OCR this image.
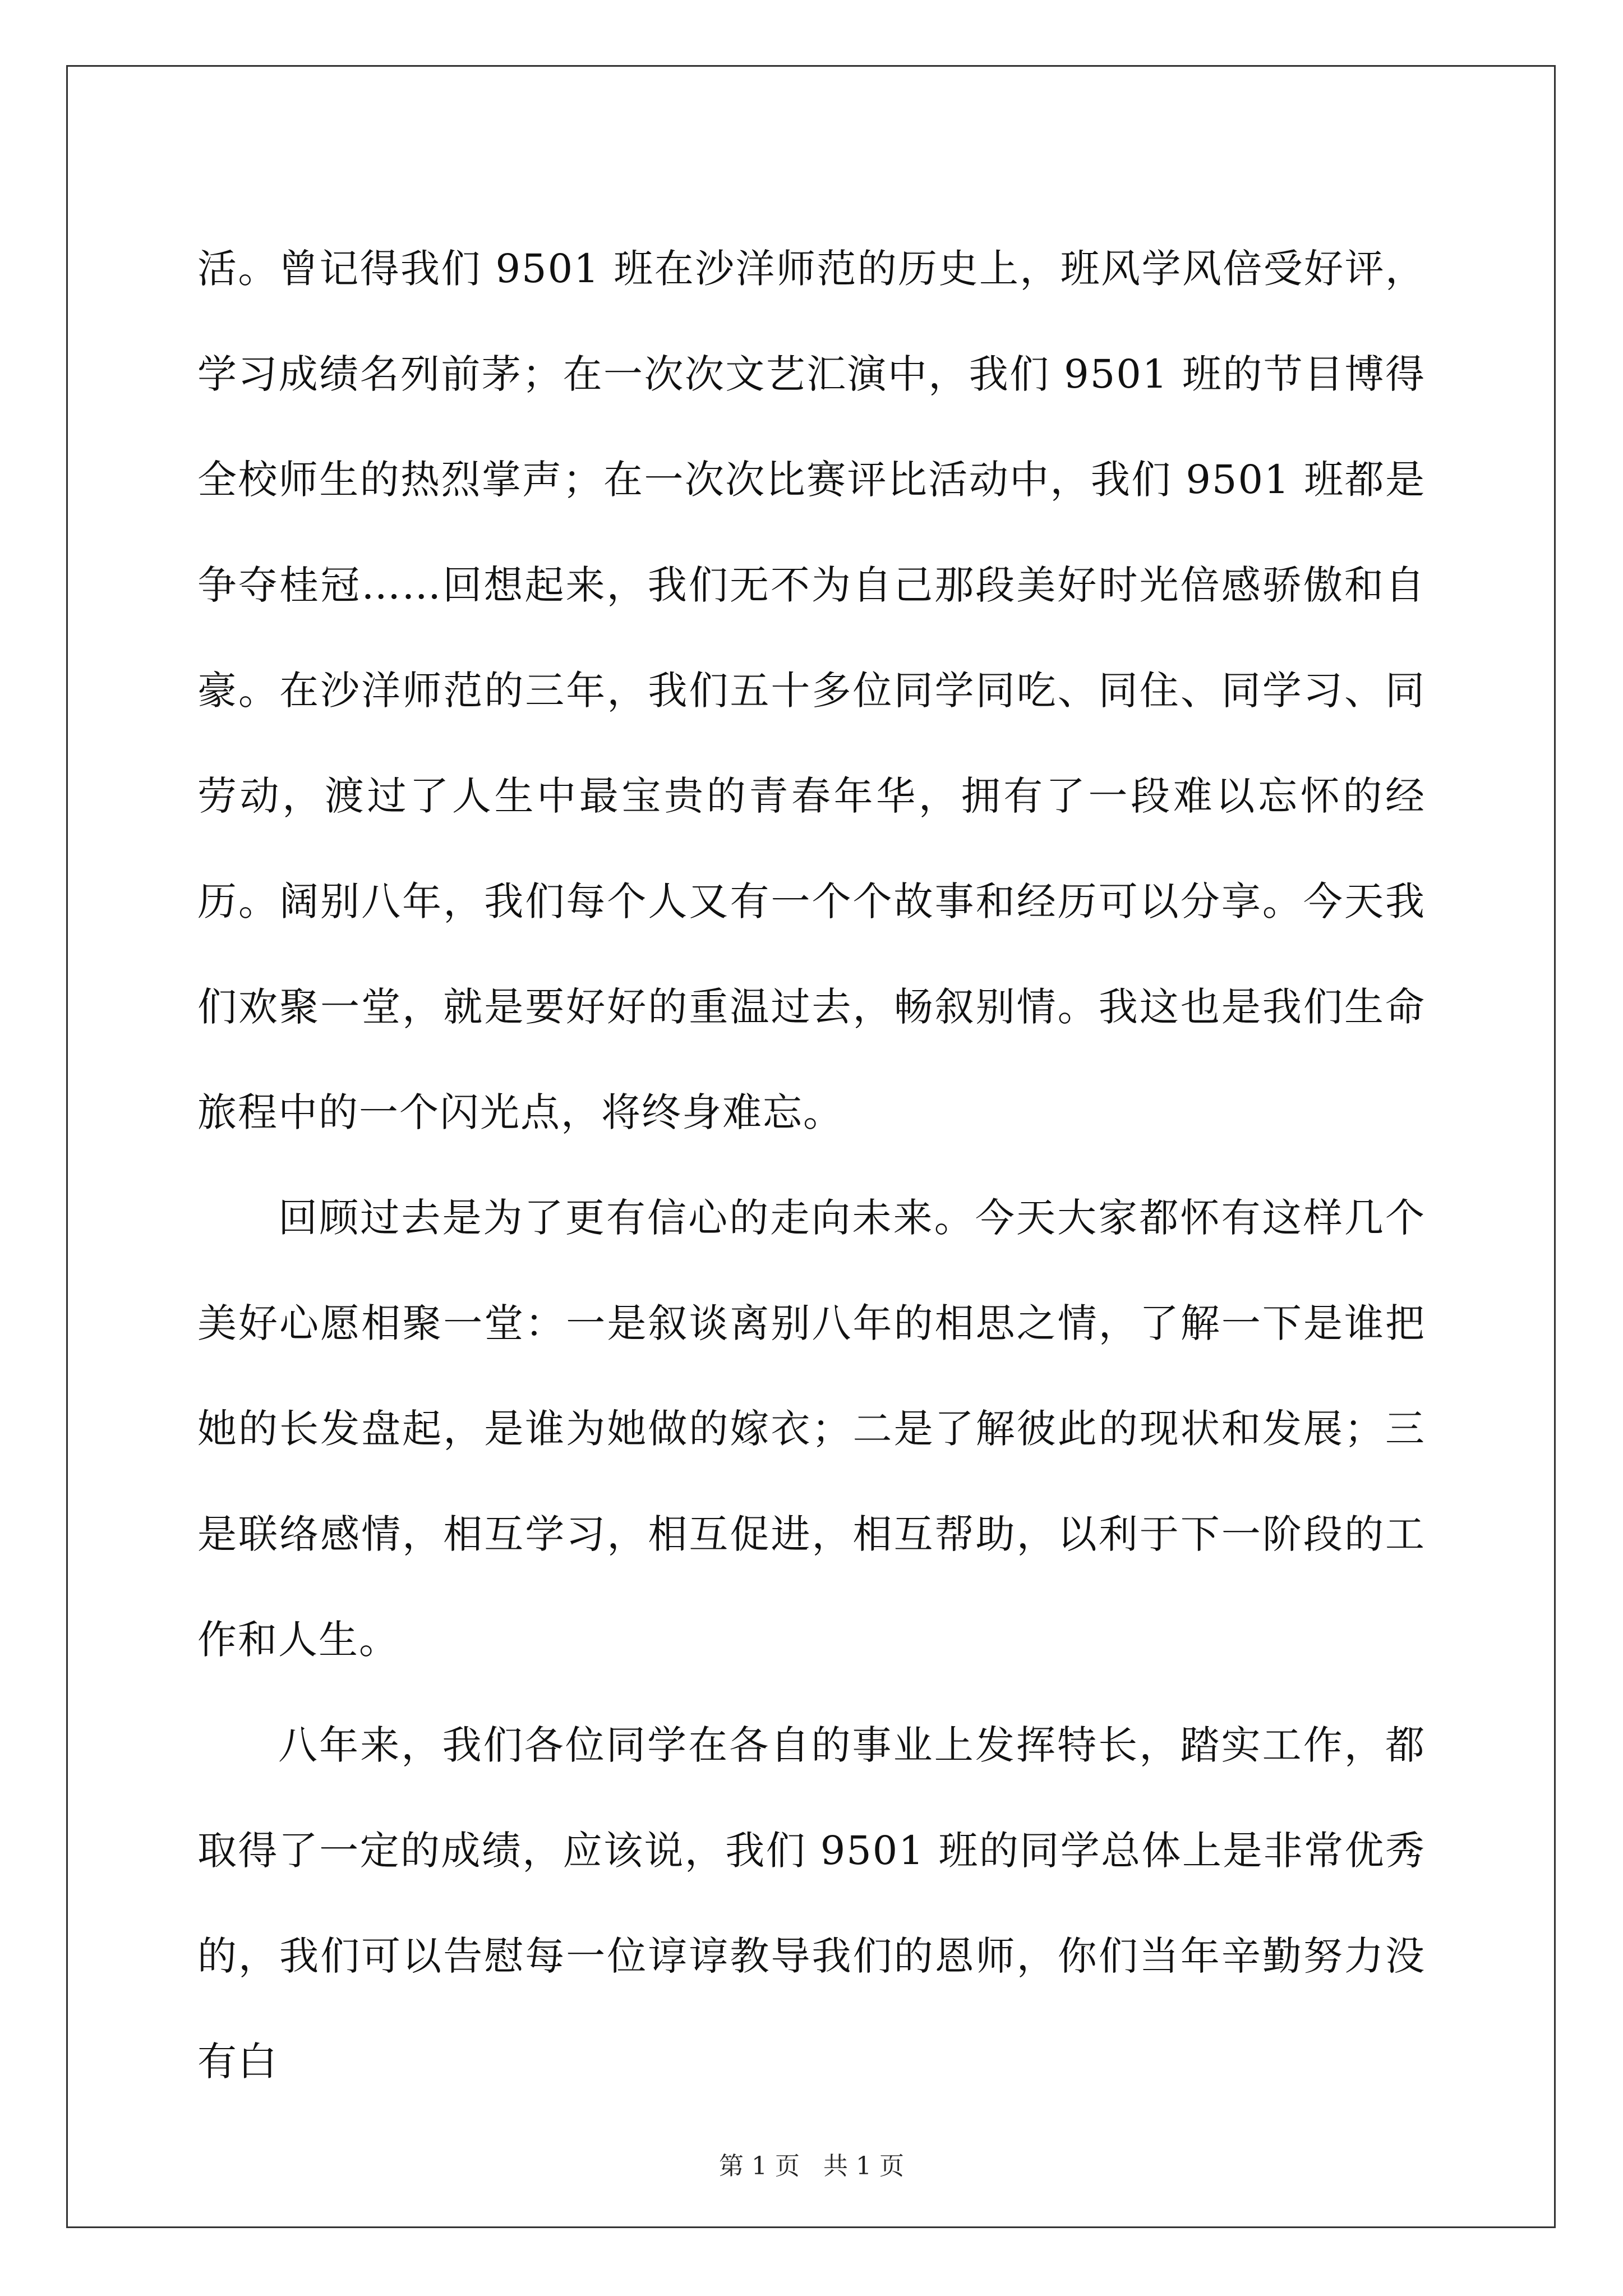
活。曾记得我们 9501 班在沙洋师范的历史上，班风学风倍受好评，学习成绩名列前茅；在一次次文艺汇演中，我们 9501 班的节目博得全校师生的热烈掌声；在一次次比赛评比活动中，我们 9501 班都是争夺桂冠……回想起来，我们无不为自己那段美好时光倍感骄傲和自豪。在沙洋师范的三年，我们五十多位同学同吃、同住、同学习、同劳动，渡过了人生中最宝贵的青春年华，拥有了一段难以忘怀的经历。阔别八年，我们每个人又有一个个故事和经历可以分享。今天我们欢聚一堂，就是要好好的重温过去，畅叙别情。我这也是我们生命旅程中的一个闪光点，将终身难忘。

回顾过去是为了更有信心的走向未来。今天大家都怀有这样几个美好心愿相聚一堂：一是叙谈离别八年的相思之情，了解一下是谁把她的长发盘起，是谁为她做的嫁衣；二是了解彼此的现状和发展；三是联络感情，相互学习，相互促进，相互帮助，以利于下一阶段的工作和人生。

八年来，我们各位同学在各自的事业上发挥特长，踏实工作，都取得了一定的成绩，应该说，我们 9501 班的同学总体上是非常优秀的，我们可以告慰每一位谆谆教导我们的恩师，你们当年辛勤努力没有白

第 1 页 共 1 页
